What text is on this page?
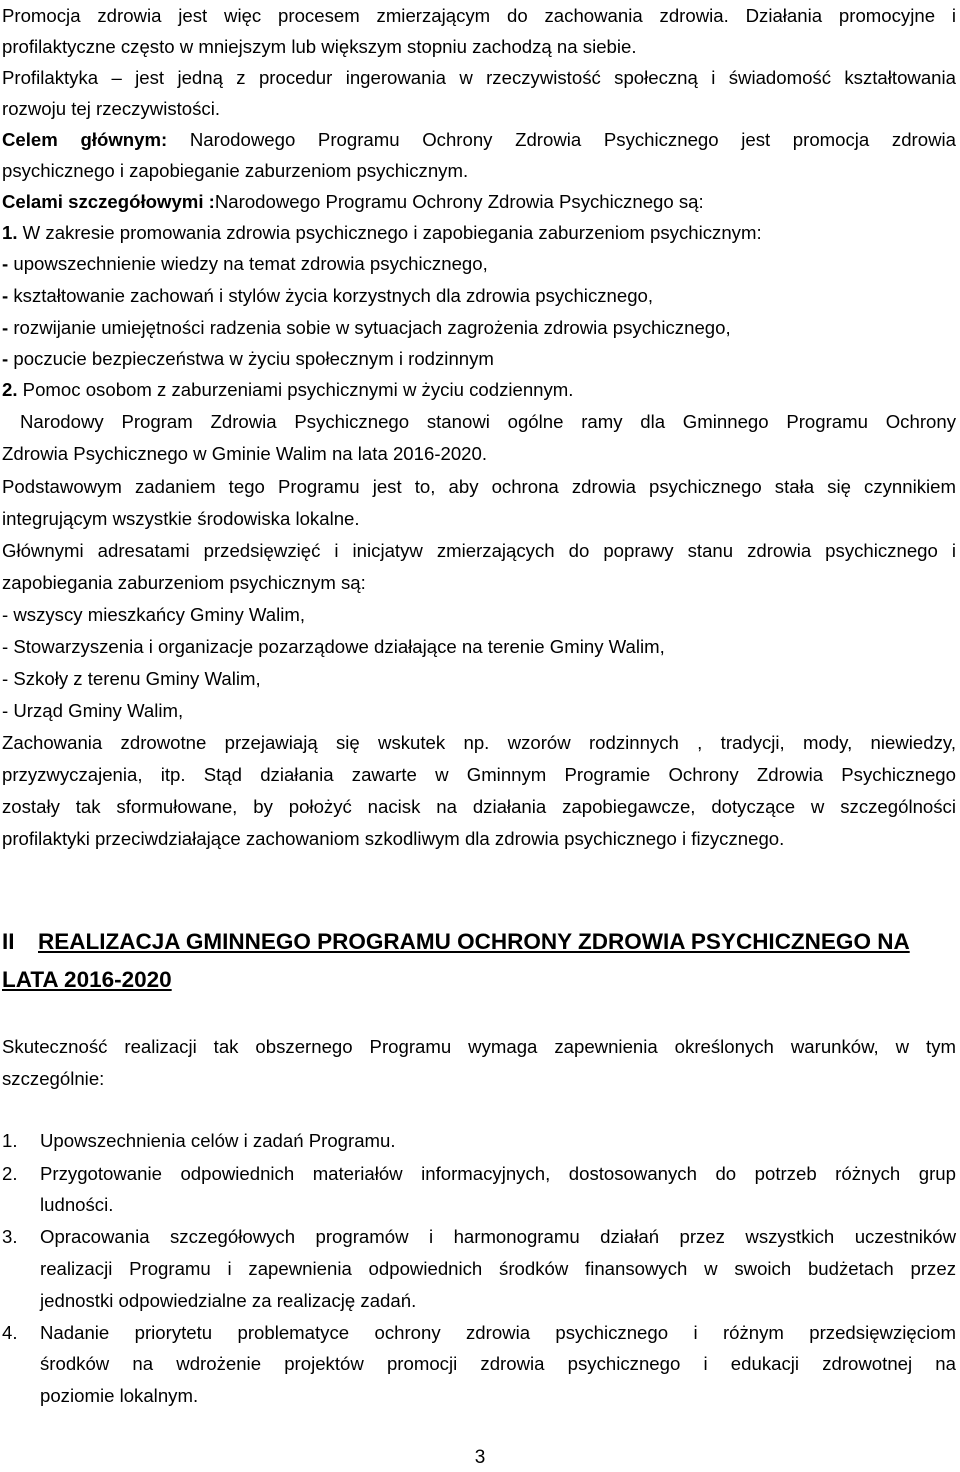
Promocja zdrowia jest więc procesem zmierzającym do zachowania zdrowia. Działania promocyjne i

profilaktyczne często w mniejszym lub większym stopniu zachodzą na siebie.

Profilaktyka – jest jedną z procedur ingerowania w rzeczywistość społeczną i świadomość kształtowania

rozwoju tej rzeczywistości.

Celem głównym: Narodowego Programu Ochrony Zdrowia Psychicznego jest promocja zdrowia

psychicznego i zapobieganie zaburzeniom psychicznym.

Celami szczegółowymi :Narodowego Programu Ochrony Zdrowia Psychicznego są:

1. W zakresie promowania zdrowia psychicznego i zapobiegania zaburzeniom psychicznym:

- upowszechnienie wiedzy na temat zdrowia psychicznego,

- kształtowanie zachowań i stylów życia korzystnych dla zdrowia psychicznego,

- rozwijanie umiejętności radzenia sobie w sytuacjach zagrożenia zdrowia psychicznego,

- poczucie bezpieczeństwa w życiu społecznym i rodzinnym

2. Pomoc osobom z zaburzeniami psychicznymi w życiu codziennym.

Narodowy Program Zdrowia Psychicznego stanowi ogólne ramy dla Gminnego Programu Ochrony

Zdrowia Psychicznego w Gminie Walim na lata 2016-2020.

Podstawowym zadaniem tego Programu jest to, aby ochrona zdrowia psychicznego stała się czynnikiem

integrującym wszystkie środowiska lokalne.

Głównymi adresatami przedsięwzięć i inicjatyw zmierzających do poprawy stanu zdrowia psychicznego i

zapobiegania zaburzeniom psychicznym są:

- wszyscy mieszkańcy Gminy Walim,

- Stowarzyszenia i organizacje pozarządowe działające na terenie Gminy Walim,

- Szkoły z terenu Gminy Walim,

- Urząd Gminy Walim,

Zachowania zdrowotne przejawiają się wskutek np. wzorów rodzinnych , tradycji, mody, niewiedzy,

przyzwyczajenia, itp. Stąd działania zawarte w Gminnym Programie Ochrony Zdrowia Psychicznego

zostały tak sformułowane, by położyć nacisk na działania zapobiegawcze, dotyczące w szczególności

profilaktyki przeciwdziałające zachowaniom szkodliwym dla zdrowia psychicznego i fizycznego.

II REALIZACJA GMINNEGO PROGRAMU OCHRONY ZDROWIA PSYCHICZNEGO NA

LATA 2016-2020

Skuteczność realizacji tak obszernego Programu wymaga zapewnienia określonych warunków, w tym

szczególnie:

1. Upowszechnienia celów i zadań Programu.

2. Przygotowanie odpowiednich materiałów informacyjnych, dostosowanych do potrzeb różnych grup

ludności.

3. Opracowania szczegółowych programów i harmonogramu działań przez wszystkich uczestników

realizacji Programu i zapewnienia odpowiednich środków finansowych w swoich budżetach przez

jednostki odpowiedzialne za realizację zadań.

4. Nadanie priorytetu problematyce ochrony zdrowia psychicznego i różnym przedsięwzięciom

środków na wdrożenie projektów promocji zdrowia psychicznego i edukacji zdrowotnej na

poziomie lokalnym.

3
